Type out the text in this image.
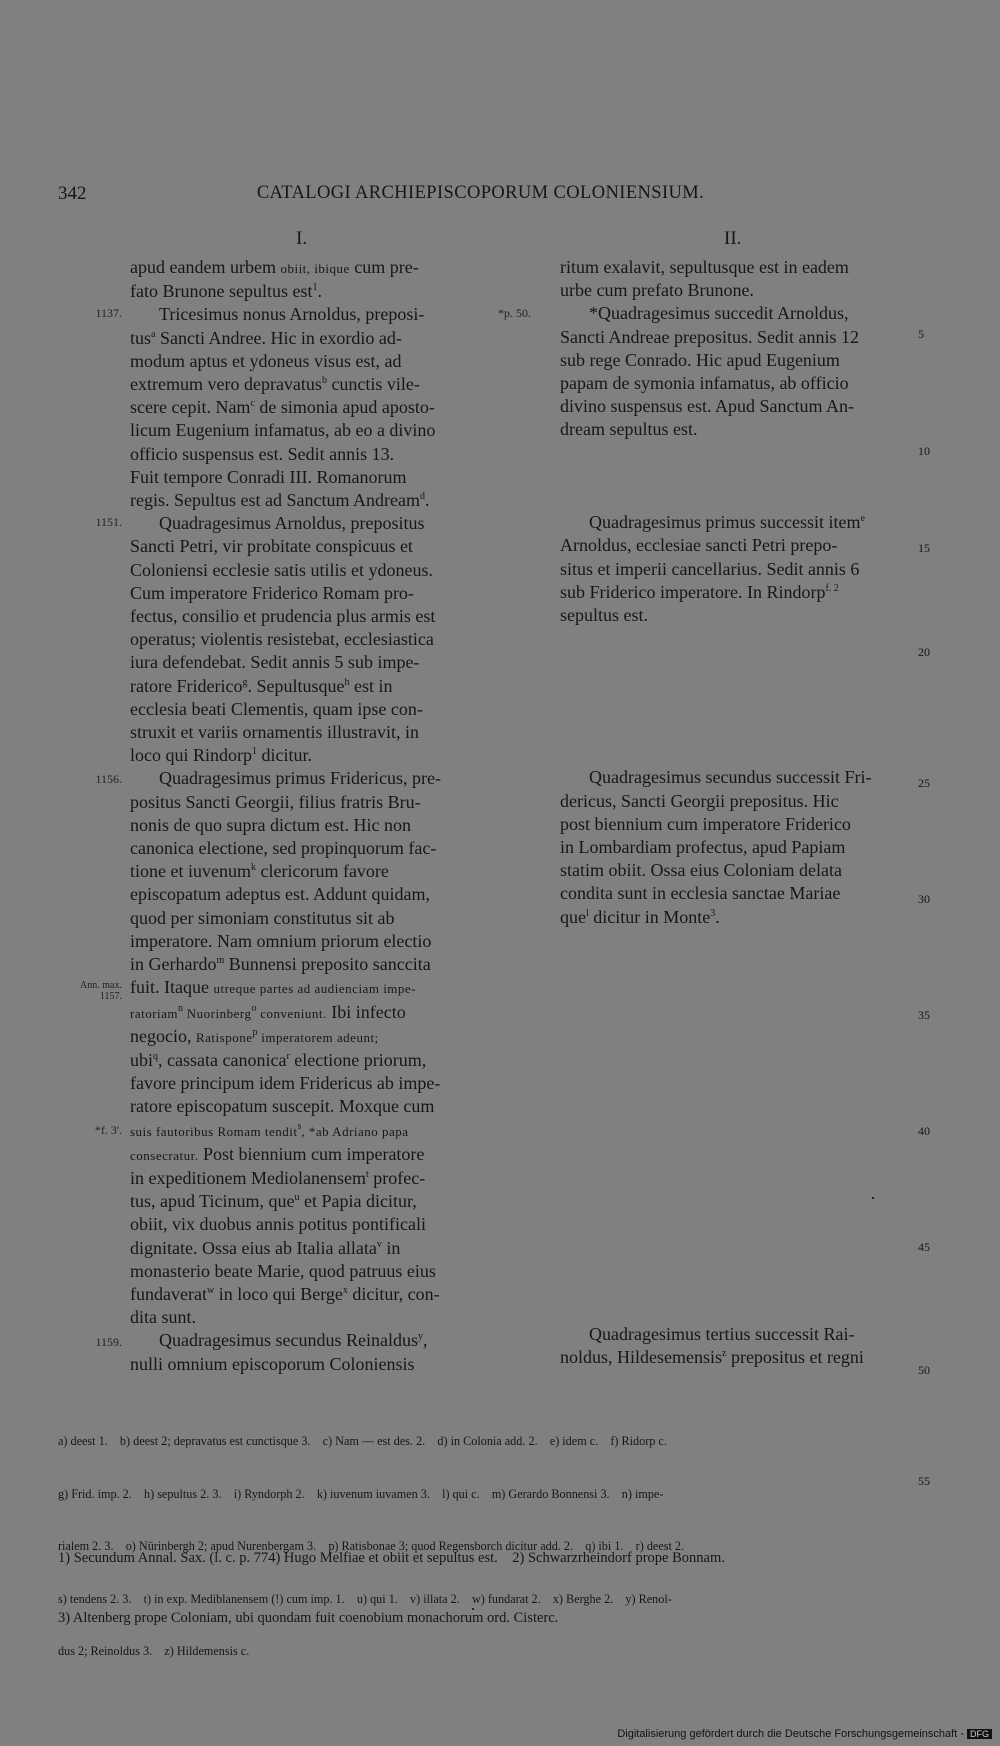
342	CATALOGI ARCHIEPISCOPORUM COLONIENSIUM.
I.	II.
1137.
1151.
1156.
1159.
Ann. max.
1157.
*f. 3'.
*p. 50.

apud eandem urbem obiit, ibique cum pre-
fato Brunone sepultus est$^1$.

Tricesimus nonus Arnoldus, preposi-
tus$^a$ Sancti Andree. Hic in exordio ad-
modum aptus et ydoneus visus est, ad
extremum vero depravatus$^b$ cunctis vile-
scere cepit. Nam$^c$ de simonia apud aposto-
licum Eugenium infamatus, ab eo a divino
officio suspensus est. Sedit annis 13.
Fuit tempore Conradi III. Romanorum
regis. Sepultus est ad Sanctum Andream$^d$.

Quadragesimus Arnoldus, prepositus
Sancti Petri, vir probitate conspicuus et
Coloniensi ecclesie satis utilis et ydoneus.
Cum imperatore Friderico Romam pro-
fectus, consilio et prudencia plus armis est
operatus; violentis resistebat, ecclesiastica
iura defendebat. Sedit annis 5 sub impe-
ratore Friderico$^g$. Sepultusque$^h$ est in
ecclesia beati Clementis, quam ipse con-
struxit et variis ornamentis illustravit, in
loco qui Rindorp$^1$ dicitur.

Quadragesimus primus Fridericus, pre-
positus Sancti Georgii, filius fratris Bru-
nonis de quo supra dictum est. Hic non
canonica electione, sed propinquorum fac-
tione et iuvenum$^k$ clericorum favore
episcopatum adeptus est. Addunt quidam,
quod per simoniam constitutus sit ab
imperatore. Nam omnium priorum electio
in Gerhardo$^m$ Bunnensi preposito sanccita
fuit. Itaque utreque partes ad audienciam impe-
ratoriam$^n$ Nuorinberg$^o$ conveniunt. Ibi infecto
negocio, Ratispone$^p$ imperatorem adeunt;
ubi$^q$, cassata canonica$^r$ electione priorum,
favore principum idem Fridericus ab impe-
ratore episcopatum suscepit. Moxque cum
suis fautoribus Romam tendit$^s$, *ab Adriano papa
consecratur. Post biennium cum imperatore
in expeditionem Mediolanensem$^t$ profec-
tus, apud Ticinum, que$^u$ et Papia dicitur,
obiit, vix duobus annis potitus pontificali
dignitate. Ossa eius ab Italia allata$^v$ in
monasterio beate Marie, quod patruus eius
fundaverat$^w$ in loco qui Berge$^x$ dicitur, con-
dita sunt.

Quadragesimus secundus Reinaldus$^y$,
nulli omnium episcoporum Coloniensis

ritum exalavit, sepultusque est in eadem
urbe cum prefato Brunone.

*Quadragesimus succedit Arnoldus,
Sancti Andreae prepositus. Sedit annis 12
sub rege Conrado. Hic apud Eugenium
papam de symonia infamatus, ab officio
divino suspensus est. Apud Sanctum An-
dream sepultus est.

Quadragesimus primus successit item$^e$
Arnoldus, ecclesiae sancti Petri prepo-
situs et imperii cancellarius. Sedit annis 6
sub Friderico imperatore. In Rindorp$^{f. 2}$
sepultus est.

Quadragesimus secundus successit Fri-
dericus, Sancti Georgii prepositus. Hic
post biennium cum imperatore Friderico
in Lombardiam profectus, apud Papiam
statim obiit. Ossa eius Coloniam delata
condita sunt in ecclesia sanctae Mariae
que$^l$ dicitur in Monte$^3$.

Quadragesimus tertius successit Rai-
noldus, Hildesemensis$^z$ prepositus et regni

5
10
15
20
25
30
35
40
45
50
55

a) deest 1.    b) deest 2; depravatus est cunctisque 3.    c) Nam — est des. 2.    d) in Colonia add. 2.    e) idem c.    f) Ridorp c.

g) Frid. imp. 2.    h) sepultus 2. 3.    i) Ryndorph 2.    k) iuvenum iuvamen 3.    l) qui c.    m) Gerardo Bonnensi 3.    n) impe-

rialem 2. 3.    o) Nürinbergh 2; apud Nurenbergam 3.    p) Ratisbonae 3; quod Regensborch dicitur add. 2.    q) ibi 1.    r) deest 2.

s) tendens 2. 3.    t) in exp. Mediblanensem (!) cum imp. 1.    u) qui 1.    v) illata 2.    w) fundarat 2.    x) Berghe 2.    y) Renol-

dus 2; Reinoldus 3.    z) Hildemensis c.

1) Secundum Annal. Sax. (l. c. p. 774) Hugo Melfiae et obiit et sepultus est.    2) Schwarzrheindorf prope Bonnam.

3) Altenberg prope Coloniam, ubi quondam fuit coenobium monachorum ord. Cisterc.

Digitalisierung gefördert durch die Deutsche Forschungsgemeinschaft - DFG
